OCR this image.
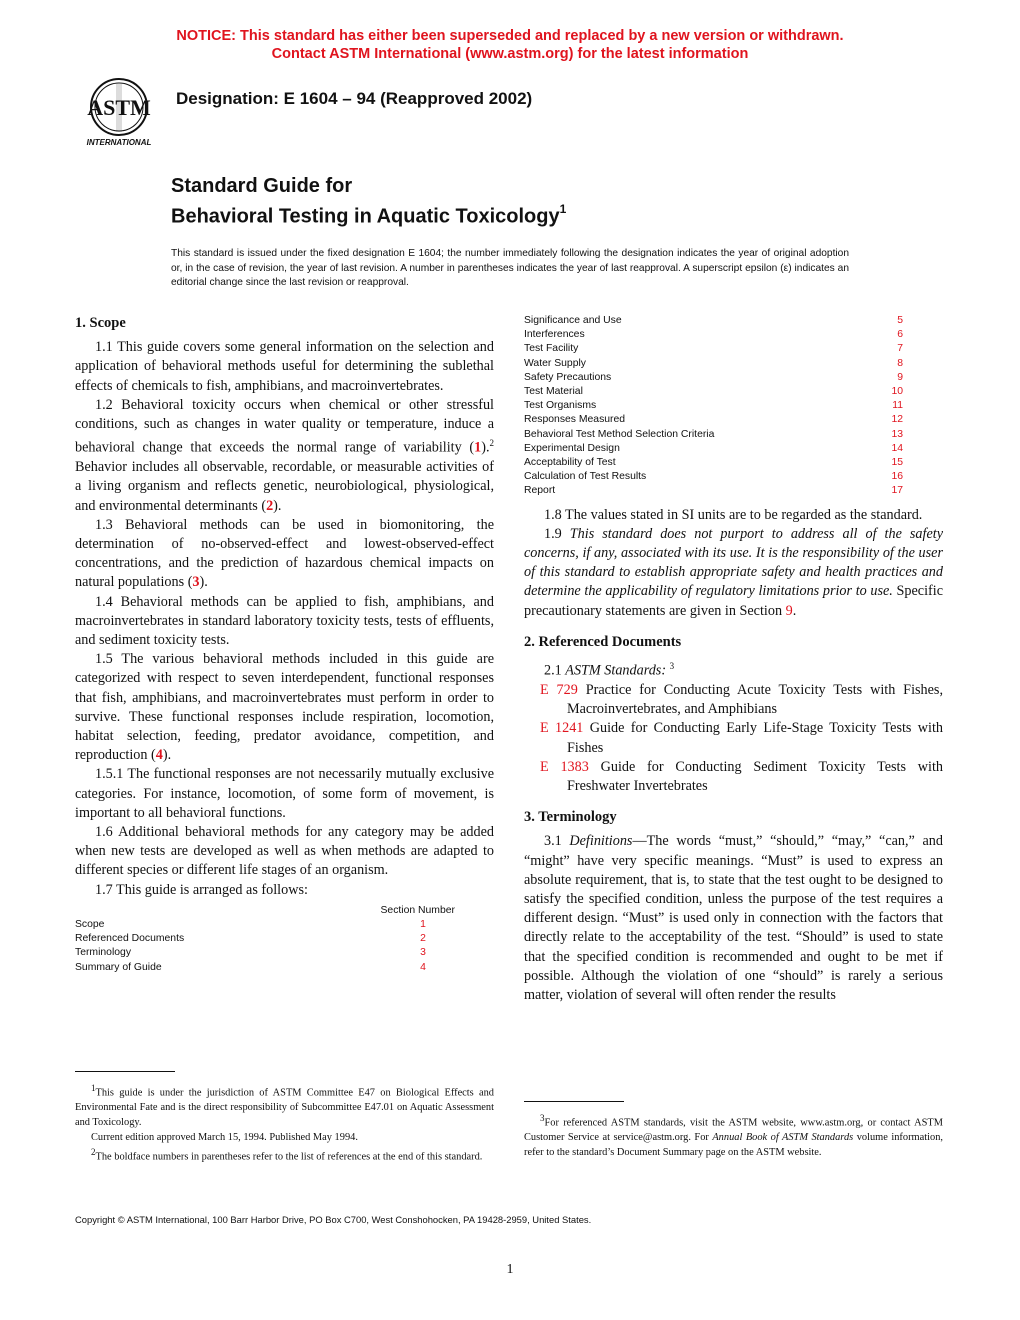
NOTICE: This standard has either been superseded and replaced by a new version or withdrawn.
Contact ASTM International (www.astm.org) for the latest information
ASTM
INTERNATIONAL
Designation: E 1604 – 94 (Reapproved 2002)
Standard Guide for
Behavioral Testing in Aquatic Toxicology$^1$
This standard is issued under the fixed designation E 1604; the number immediately following the designation indicates the year of original adoption or, in the case of revision, the year of last revision. A number in parentheses indicates the year of last reapproval. A superscript epsilon (ε) indicates an editorial change since the last revision or reapproval.
1. Scope

1.1 This guide covers some general information on the selection and application of behavioral methods useful for determining the sublethal effects of chemicals to fish, amphibians, and macroinvertebrates.

1.2 Behavioral toxicity occurs when chemical or other stressful conditions, such as changes in water quality or temperature, induce a behavioral change that exceeds the normal range of variability (1).$^2$ Behavior includes all observable, recordable, or measurable activities of a living organism and reflects genetic, neurobiological, physiological, and environmental determinants (2).

1.3 Behavioral methods can be used in biomonitoring, the determination of no-observed-effect and lowest-observed-effect concentrations, and the prediction of hazardous chemical impacts on natural populations (3).

1.4 Behavioral methods can be applied to fish, amphibians, and macroinvertebrates in standard laboratory toxicity tests, tests of effluents, and sediment toxicity tests.

1.5 The various behavioral methods included in this guide are categorized with respect to seven interdependent, functional responses that fish, amphibians, and macroinvertebrates must perform in order to survive. These functional responses include respiration, locomotion, habitat selection, feeding, predator avoidance, competition, and reproduction (4).

1.5.1 The functional responses are not necessarily mutually exclusive categories. For instance, locomotion, of some form of movement, is important to all behavioral functions.

1.6 Additional behavioral methods for any category may be added when new tests are developed as well as when methods are adapted to different species or different life stages of an organism.

1.7 This guide is arranged as follows:

Section Number
Scope	1
Referenced Documents	2
Terminology	3
Summary of Guide	4
Significance and Use	5
Interferences	6
Test Facility	7
Water Supply	8
Safety Precautions	9
Test Material	10
Test Organisms	11
Responses Measured	12
Behavioral Test Method Selection Criteria	13
Experimental Design	14
Acceptability of Test	15
Calculation of Test Results	16
Report	17

1.8 The values stated in SI units are to be regarded as the standard.

1.9 This standard does not purport to address all of the safety concerns, if any, associated with its use. It is the responsibility of the user of this standard to establish appropriate safety and health practices and determine the applicability of regulatory limitations prior to use. Specific precautionary statements are given in Section 9.

2. Referenced Documents

2.1 ASTM Standards: $^3$

E 729 Practice for Conducting Acute Toxicity Tests with Fishes, Macroinvertebrates, and Amphibians
E 1241 Guide for Conducting Early Life-Stage Toxicity Tests with Fishes
E 1383 Guide for Conducting Sediment Toxicity Tests with Freshwater Invertebrates
3. Terminology

3.1 Definitions—The words “must,” “should,” “may,” “can,” and “might” have very specific meanings. “Must” is used to express an absolute requirement, that is, to state that the test ought to be designed to satisfy the specified condition, unless the purpose of the test requires a different design. “Must” is used only in connection with the factors that directly relate to the acceptability of the test. “Should” is used to state that the specified condition is recommended and ought to be met if possible. Although the violation of one “should” is rarely a serious matter, violation of several will often render the results

1This guide is under the jurisdiction of ASTM Committee E47 on Biological Effects and Environmental Fate and is the direct responsibility of Subcommittee E47.01 on Aquatic Assessment and Toxicology.

Current edition approved March 15, 1994. Published May 1994.

2The boldface numbers in parentheses refer to the list of references at the end of this standard.

3For referenced ASTM standards, visit the ASTM website, www.astm.org, or contact ASTM Customer Service at service@astm.org. For Annual Book of ASTM Standards volume information, refer to the standard’s Document Summary page on the ASTM website.

Copyright © ASTM International, 100 Barr Harbor Drive, PO Box C700, West Conshohocken, PA 19428-2959, United States.
1
